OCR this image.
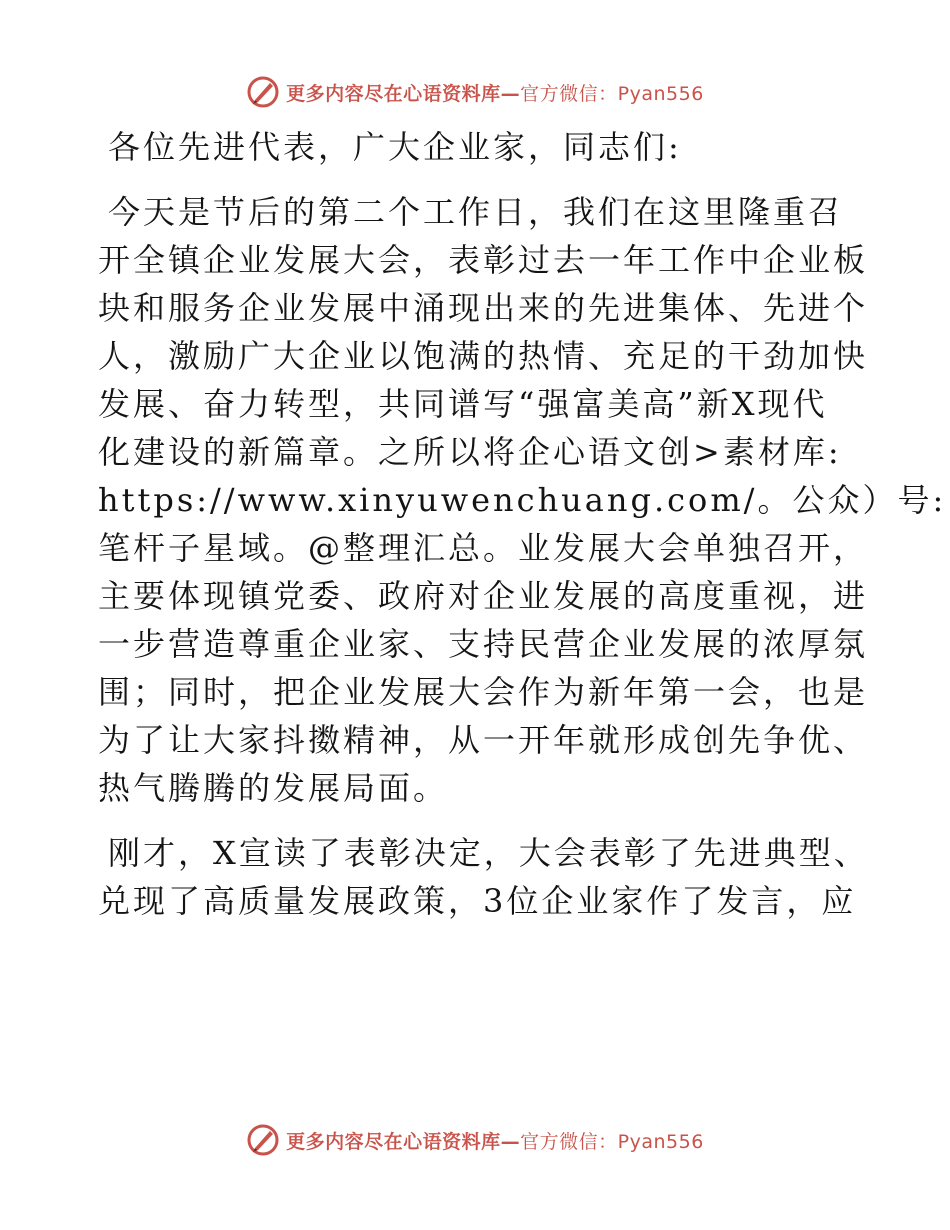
更多内容尽在心语资料库—官方微信：Pyan556
各位先进代表，广大企业家，同志们:
今天是节后的第二个工作日，我们在这里隆重召
开全镇企业发展大会，表彰过去一年工作中企业板
块和服务企业发展中涌现出来的先进集体、先进个
人，激励广大企业以饱满的热情、充足的干劲加快
发展、奋力转型，共同谱写“强富美高”新X现代
化建设的新篇章。之所以将企心语文创>素材库:
https://www.xinyuwenchuang.com/。公众）号:
笔杆子星域。@整理汇总。业发展大会单独召开，
主要体现镇党委、政府对企业发展的高度重视，进
一步营造尊重企业家、支持民营企业发展的浓厚氛
围；同时，把企业发展大会作为新年第一会，也是
为了让大家抖擞精神，从一开年就形成创先争优、
热气腾腾的发展局面。
刚才，X宣读了表彰决定，大会表彰了先进典型、
兑现了高质量发展政策，3位企业家作了发言，应
更多内容尽在心语资料库—官方微信：Pyan556
